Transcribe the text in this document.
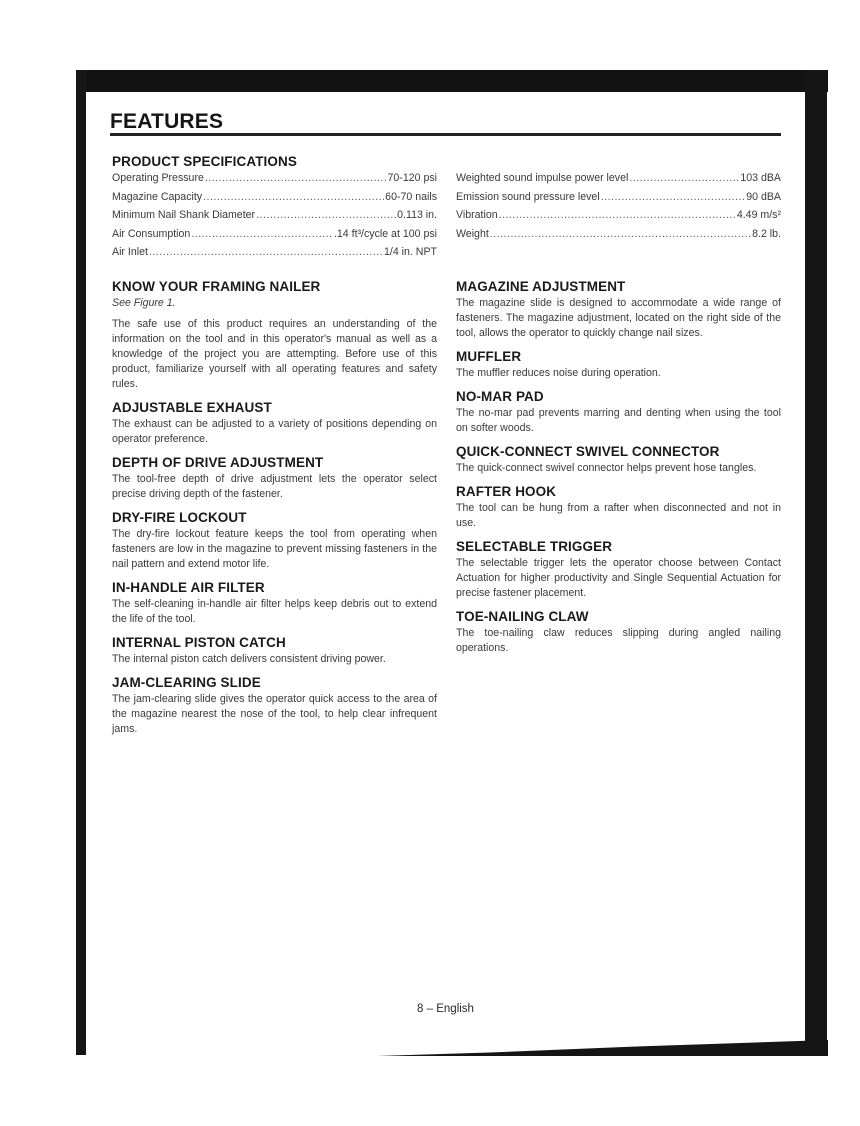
FEATURES
PRODUCT SPECIFICATIONS
Operating Pressure .....	70-120 psi
Magazine Capacity .....	60-70 nails
Minimum Nail Shank Diameter .....	0.113 in.
Air Consumption .....	.14 ft³/cycle at 100 psi
Air Inlet .....	1/4 in. NPT
Weighted sound impulse power level .....	103 dBA
Emission sound pressure level .....	90 dBA
Vibration .....	4.49 m/s²
Weight .....	8.2 lb.
KNOW YOUR FRAMING NAILER
See Figure 1.

The safe use of this product requires an understanding of the information on the tool and in this operator's manual as well as a knowledge of the project you are attempting. Before use of this product, familiarize yourself with all operating features and safety rules.

ADJUSTABLE EXHAUST

The exhaust can be adjusted to a variety of positions depending on operator preference.

DEPTH OF DRIVE ADJUSTMENT

The tool-free depth of drive adjustment lets the operator select precise driving depth of the fastener.

DRY-FIRE LOCKOUT

The dry-fire lockout feature keeps the tool from operating when fasteners are low in the magazine to prevent missing fasteners in the nail pattern and extend motor life.

IN-HANDLE AIR FILTER

The self-cleaning in-handle air filter helps keep debris out to extend the life of the tool.

INTERNAL PISTON CATCH

The internal piston catch delivers consistent driving power.

JAM-CLEARING SLIDE

The jam-clearing slide gives the operator quick access to the area of the magazine nearest the nose of the tool, to help clear infrequent jams.

MAGAZINE ADJUSTMENT

The magazine slide is designed to accommodate a wide range of fasteners. The magazine adjustment, located on the right side of the tool, allows the operator to quickly change nail sizes.

MUFFLER

The muffler reduces noise during operation.

NO-MAR PAD

The no-mar pad prevents marring and denting when using the tool on softer woods.

QUICK-CONNECT SWIVEL CONNECTOR

The quick-connect swivel connector helps prevent hose tangles.

RAFTER HOOK

The tool can be hung from a rafter when disconnected and not in use.

SELECTABLE TRIGGER

The selectable trigger lets the operator choose between Contact Actuation for higher productivity and Single Sequential Actuation for precise fastener placement.

TOE-NAILING CLAW

The toe-nailing claw reduces slipping during angled nailing operations.

8 – English
